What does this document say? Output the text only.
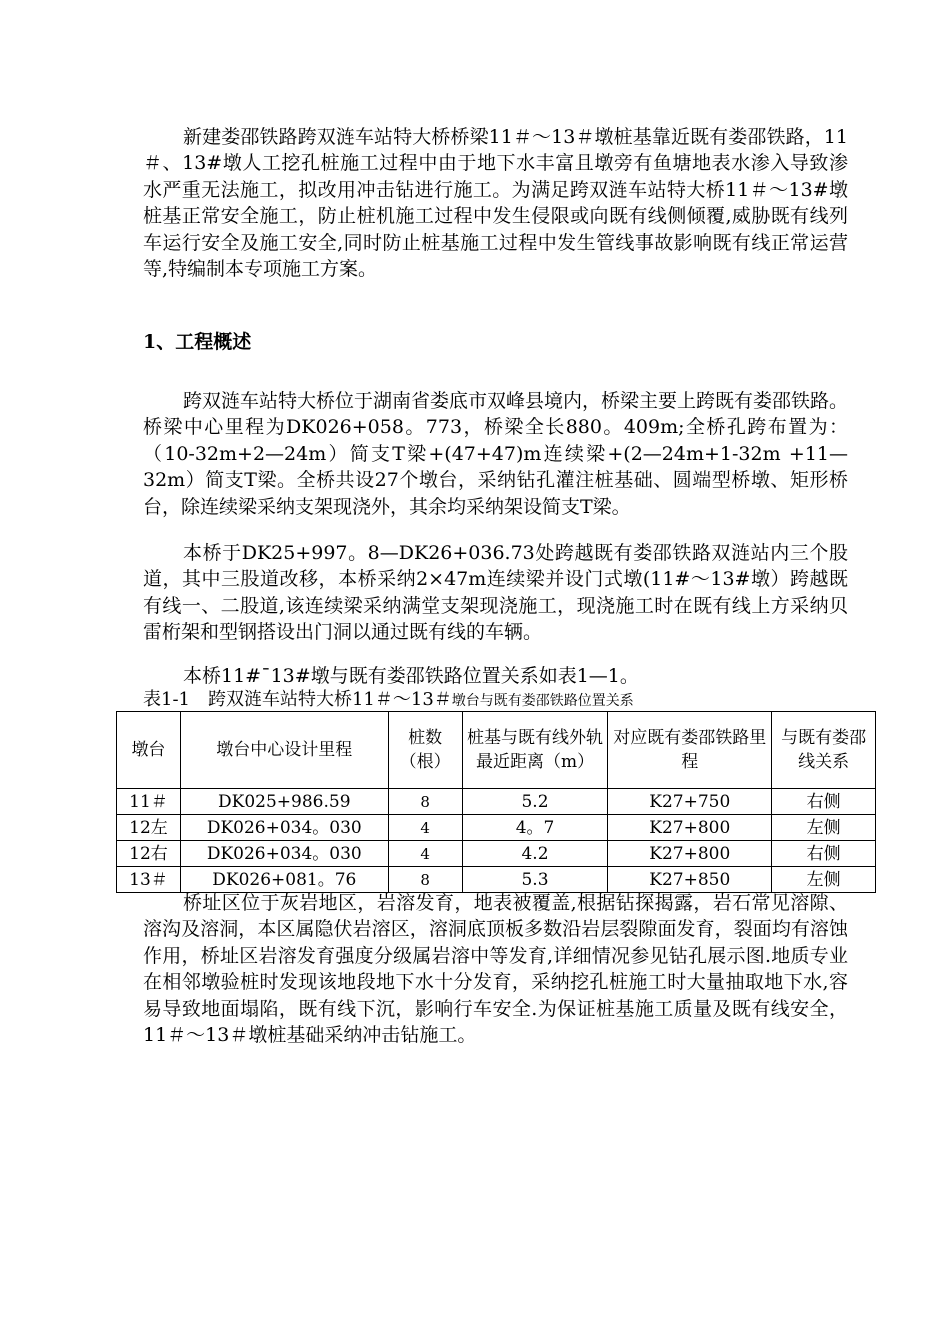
新建娄邵铁路跨双涟车站特大桥桥梁11＃～13＃墩桩基靠近既有娄邵铁路，11＃、13#墩人工挖孔桩施工过程中由于地下水丰富且墩旁有鱼塘地表水渗入导致渗水严重无法施工，拟改用冲击钻进行施工。为满足跨双涟车站特大桥11＃～13#墩桩基正常安全施工，防止桩机施工过程中发生侵限或向既有线侧倾覆,威胁既有线列车运行安全及施工安全,同时防止桩基施工过程中发生管线事故影响既有线正常运营等,特编制本专项施工方案。

1、工程概述

跨双涟车站特大桥位于湖南省娄底市双峰县境内，桥梁主要上跨既有娄邵铁路。桥梁中心里程为DK026+058。773，桥梁全长880。409m;全桥孔跨布置为：（10-32m+2—24m）简支T梁+(47+47)m连续梁+(2—24m+1-32m +11—32m）简支T梁。全桥共设27个墩台，采纳钻孔灌注桩基础、圆端型桥墩、矩形桥台，除连续梁采纳支架现浇外，其余均采纳架设简支T梁。

本桥于DK25+997。8—DK26+036.73处跨越既有娄邵铁路双涟站内三个股道，其中三股道改移，本桥采纳2×47m连续梁并设门式墩(11#～13#墩）跨越既有线一、二股道,该连续梁采纳满堂支架现浇施工，现浇施工时在既有线上方采纳贝雷桁架和型钢搭设出门洞以通过既有线的车辆。

本桥11#¯13#墩与既有娄邵铁路位置关系如表1—1。

表1-1　跨双涟车站特大桥11＃～13＃墩台与既有娄邵铁路位置关系
墩台	墩台中心设计里程	桩数（根）	桩基与既有线外轨最近距离（m）	对应既有娄邵铁路里程	与既有娄邵线关系
11＃	DK025+986.59	8	5.2	K27+750	右侧
12左	DK026+034。030	4	4。7	K27+800	左侧
12右	DK026+034。030	4	4.2	K27+800	右侧
13＃	DK026+081。76	8	5.3	K27+850	左侧

桥址区位于灰岩地区，岩溶发育，地表被覆盖,根据钻探揭露，岩石常见溶隙、溶沟及溶洞，本区属隐伏岩溶区，溶洞底顶板多数沿岩层裂隙面发育，裂面均有溶蚀作用，桥址区岩溶发育强度分级属岩溶中等发育,详细情况参见钻孔展示图.地质专业在相邻墩验桩时发现该地段地下水十分发育，采纳挖孔桩施工时大量抽取地下水,容易导致地面塌陷，既有线下沉，影响行车安全.为保证桩基施工质量及既有线安全，11＃～13＃墩桩基础采纳冲击钻施工。
